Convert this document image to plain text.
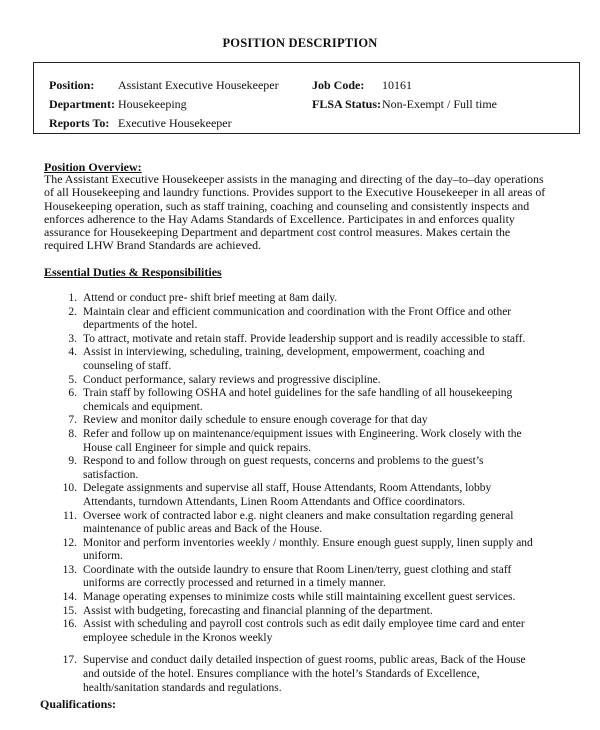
POSITION DESCRIPTION
Position: Assistant Executive Housekeeper	Job Code: 10161
Department: Housekeeping	FLSA Status: Non-Exempt / Full time
Reports To: Executive Housekeeper
Position Overview:
The Assistant Executive Housekeeper assists in the managing and directing of the day–to–day operations
of all Housekeeping and laundry functions. Provides support to the Executive Housekeeper in all areas of
Housekeeping operation, such as staff training, coaching and counseling and consistently inspects and
enforces adherence to the Hay Adams Standards of Excellence. Participates in and enforces quality
assurance for Housekeeping Department and department cost control measures. Makes certain the
required LHW Brand Standards are achieved.
Essential Duties & Responsibilities
1. Attend or conduct pre- shift brief meeting at 8am daily.
2. Maintain clear and efficient communication and coordination with the Front Office and other
departments of the hotel.
3. To attract, motivate and retain staff. Provide leadership support and is readily accessible to staff.
4. Assist in interviewing, scheduling, training, development, empowerment, coaching and
counseling of staff.
5. Conduct performance, salary reviews and progressive discipline.
6. Train staff by following OSHA and hotel guidelines for the safe handling of all housekeeping
chemicals and equipment.
7. Review and monitor daily schedule to ensure enough coverage for that day
8. Refer and follow up on maintenance/equipment issues with Engineering. Work closely with the
House call Engineer for simple and quick repairs.
9. Respond to and follow through on guest requests, concerns and problems to the guest’s
satisfaction.
10. Delegate assignments and supervise all staff, House Attendants, Room Attendants, lobby
Attendants, turndown Attendants, Linen Room Attendants and Office coordinators.
11. Oversee work of contracted labor e.g. night cleaners and make consultation regarding general
maintenance of public areas and Back of the House.
12. Monitor and perform inventories weekly / monthly. Ensure enough guest supply, linen supply and
uniform.
13. Coordinate with the outside laundry to ensure that Room Linen/terry, guest clothing and staff
uniforms are correctly processed and returned in a timely manner.
14. Manage operating expenses to minimize costs while still maintaining excellent guest services.
15. Assist with budgeting, forecasting and financial planning of the department.
16. Assist with scheduling and payroll cost controls such as edit daily employee time card and enter
employee schedule in the Kronos weekly
17. Supervise and conduct daily detailed inspection of guest rooms, public areas, Back of the House
and outside of the hotel. Ensures compliance with the hotel’s Standards of Excellence,
health/sanitation standards and regulations.
Qualifications:
